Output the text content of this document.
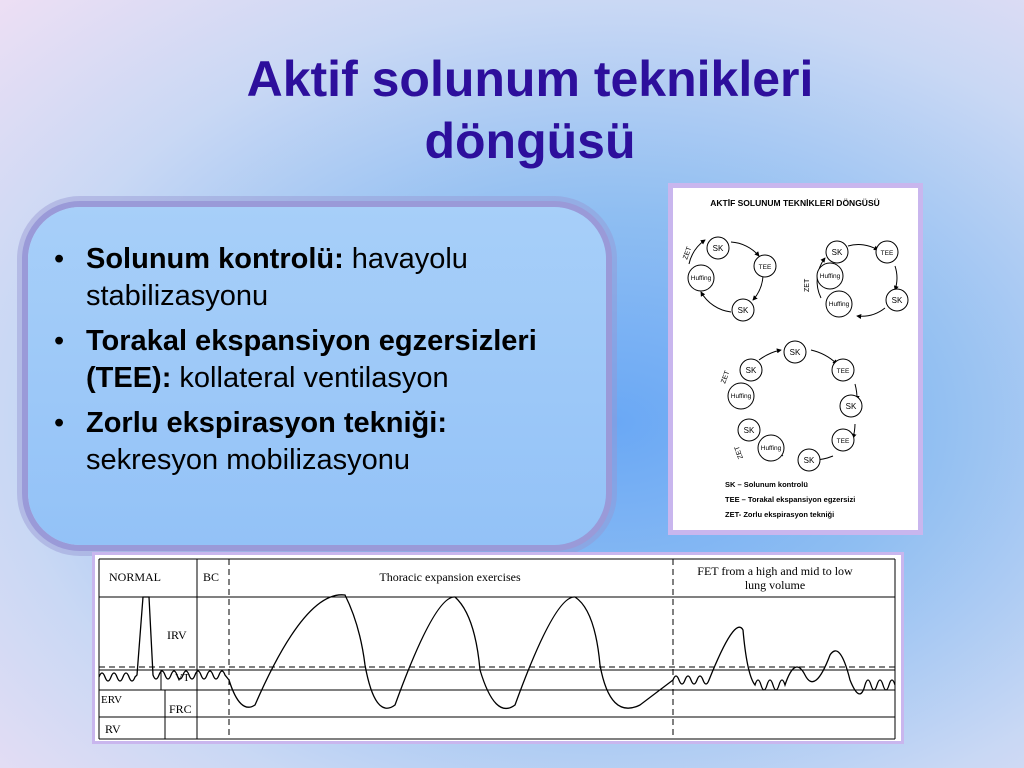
Aktif solunum teknikleri
döngüsü
• Solunum kontrolü: havayolu stabilizasyonu
• Torakal ekspansiyon egzersizleri (TEE): kollateral ventilasyon
• Zorlu ekspirasyon tekniği: sekresyon mobilizasyonu
AKTİF SOLUNUM TEKNİKLERİ DÖNGÜSÜ
SK
TEE
Huffing
SK
ZET	SK	TEE
Huffing
Huffing	SK
ZET
SK
TEE
SK
TEE
SK
Huffing
SK
Huffing
SK
ZET
ZET
SK – Solunum kontrolü
TEE – Torakal ekspansiyon egzersizi
ZET- Zorlu ekspirasyon tekniği
NORMAL	BC	Thoracic expansion exercises	FET from a high and mid to low
lung volume
IRV
VT
ERV
FRC
RV
